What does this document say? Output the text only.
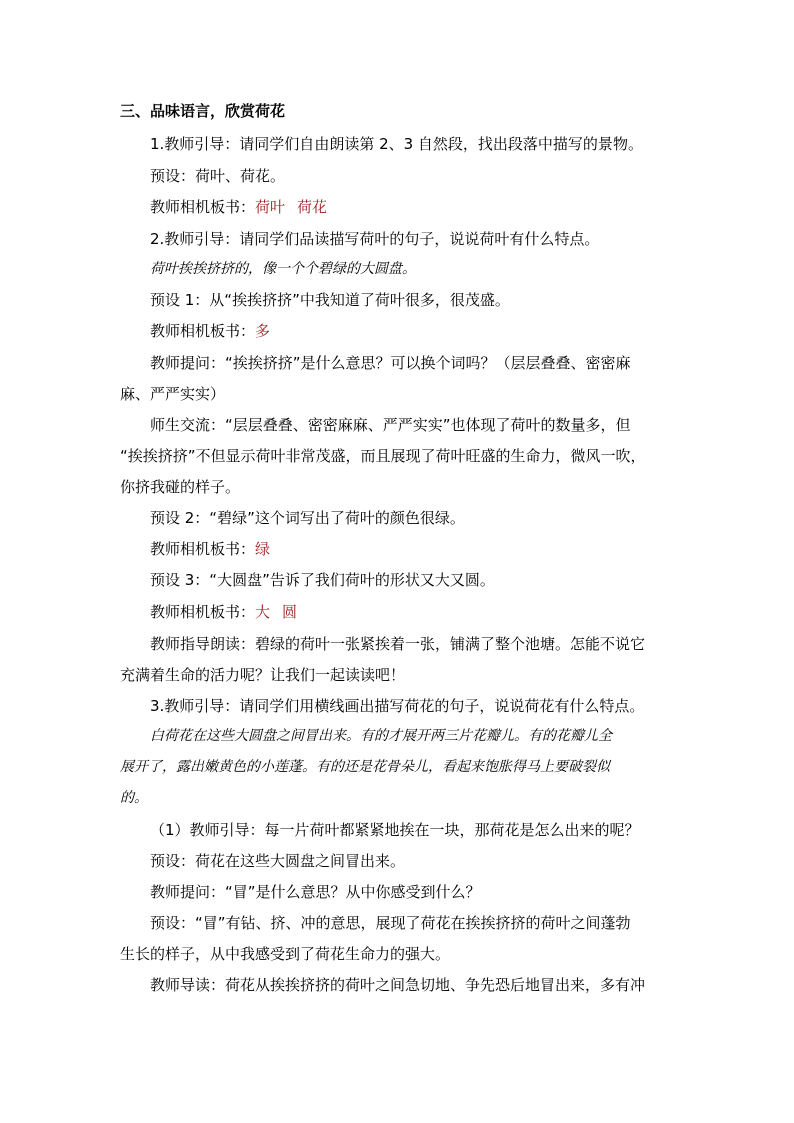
三、品味语言，欣赏荷花
1.教师引导：请同学们自由朗读第 2、3 自然段，找出段落中描写的景物。
预设：荷叶、荷花。
教师相机板书：荷叶 荷花
2.教师引导：请同学们品读描写荷叶的句子，说说荷叶有什么特点。
荷叶挨挨挤挤的，像一个个碧绿的大圆盘。
预设 1：从“挨挨挤挤”中我知道了荷叶很多，很茂盛。
教师相机板书：多
教师提问：“挨挨挤挤”是什么意思？可以换个词吗？（层层叠叠、密密麻
麻、严严实实）
师生交流：“层层叠叠、密密麻麻、严严实实”也体现了荷叶的数量多，但
“挨挨挤挤”不但显示荷叶非常茂盛，而且展现了荷叶旺盛的生命力，微风一吹，
你挤我碰的样子。
预设 2：“碧绿”这个词写出了荷叶的颜色很绿。
教师相机板书：绿
预设 3：“大圆盘”告诉了我们荷叶的形状又大又圆。
教师相机板书：大 圆
教师指导朗读：碧绿的荷叶一张紧挨着一张，铺满了整个池塘。怎能不说它
充满着生命的活力呢？让我们一起读读吧！
3.教师引导：请同学们用横线画出描写荷花的句子，说说荷花有什么特点。
白荷花在这些大圆盘之间冒出来。有的才展开两三片花瓣儿。有的花瓣儿全
展开了，露出嫩黄色的小莲蓬。有的还是花骨朵儿，看起来饱胀得马上要破裂似
的。
（1）教师引导：每一片荷叶都紧紧地挨在一块，那荷花是怎么出来的呢？
预设：荷花在这些大圆盘之间冒出来。
教师提问：“冒”是什么意思？从中你感受到什么？
预设：“冒”有钻、挤、冲的意思，展现了荷花在挨挨挤挤的荷叶之间蓬勃
生长的样子，从中我感受到了荷花生命力的强大。
教师导读：荷花从挨挨挤挤的荷叶之间急切地、争先恐后地冒出来，多有冲
